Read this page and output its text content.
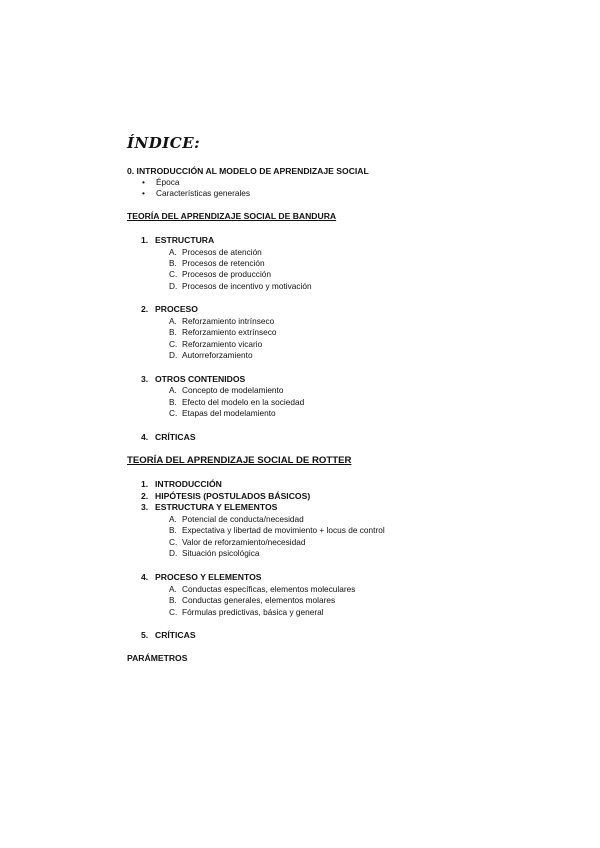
ÍNDICE:
0. INTRODUCCIÓN AL MODELO DE APRENDIZAJE SOCIAL
• Época
• Características generales
TEORÍA DEL APRENDIZAJE SOCIAL DE BANDURA
1. ESTRUCTURA
A. Procesos de atención
B. Procesos de retención
C. Procesos de producción
D. Procesos de incentivo y motivación
2. PROCESO
A. Reforzamiento intrínseco
B. Reforzamiento extrínseco
C. Reforzamiento vicario
D. Autorreforzamiento
3. OTROS CONTENIDOS
A. Concepto de modelamiento
B. Efecto del modelo en la sociedad
C. Etapas del modelamiento
4. CRÍTICAS
TEORÍA DEL APRENDIZAJE SOCIAL DE ROTTER
1. INTRODUCCIÓN
2. HIPÓTESIS (POSTULADOS BÁSICOS)
3. ESTRUCTURA Y ELEMENTOS
A. Potencial de conducta/necesidad
B. Expectativa y libertad de movimiento + locus de control
C. Valor de reforzamiento/necesidad
D. Situación psicológica
4. PROCESO Y ELEMENTOS
A. Conductas específicas, elementos moleculares
B. Conductas generales, elementos molares
C. Fórmulas predictivas, básica y general
5. CRÍTICAS
PARÁMETROS
